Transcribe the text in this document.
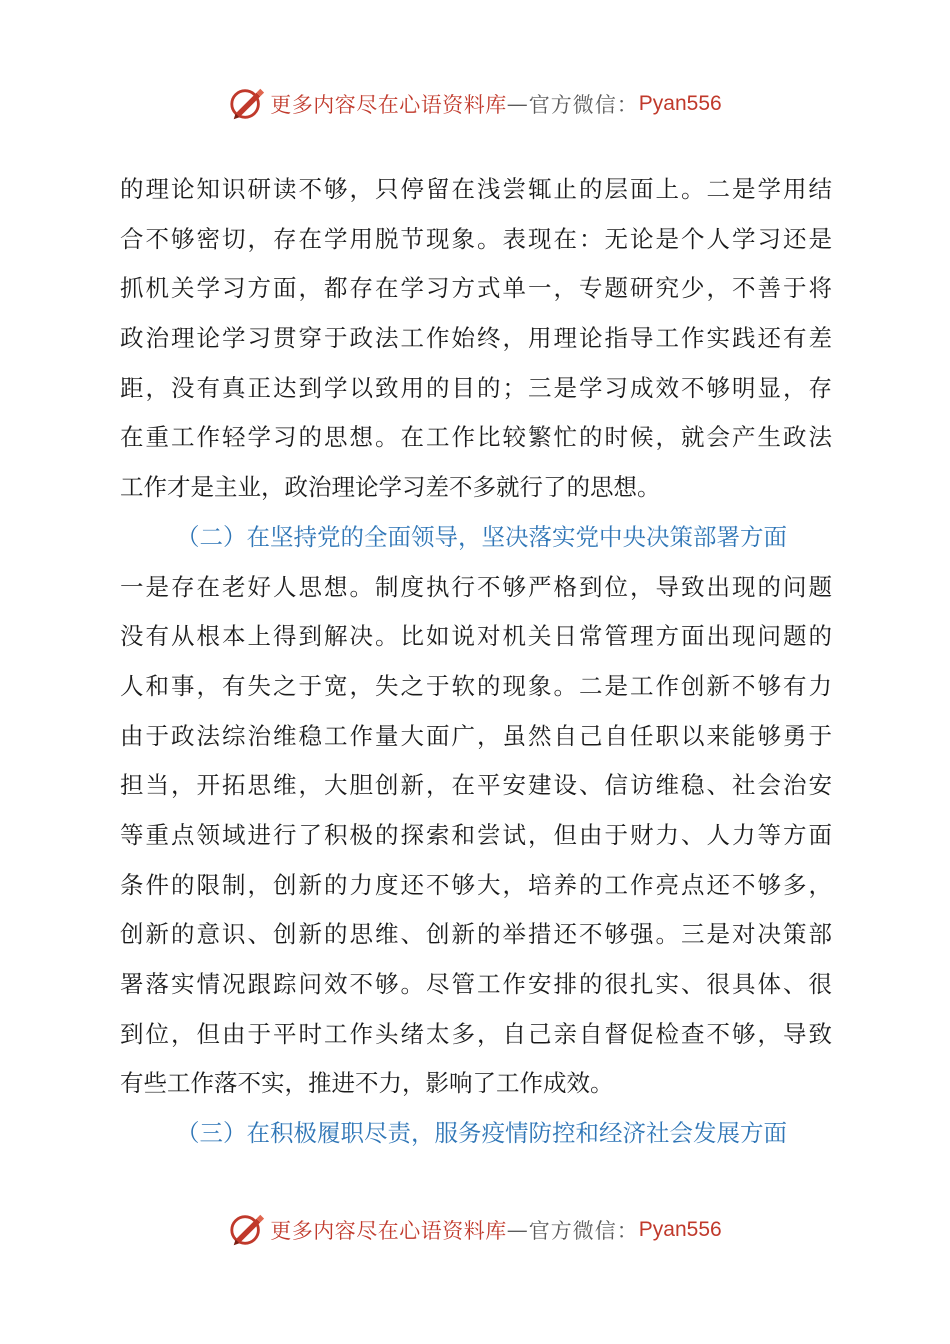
更多内容尽在心语资料库 — 官方微信： Pyan556
的理论知识研读不够，只停留在浅尝辄止的层面上。二是学用结
合不够密切，存在学用脱节现象。表现在：无论是个人学习还是
抓机关学习方面，都存在学习方式单一，专题研究少，不善于将
政治理论学习贯穿于政法工作始终，用理论指导工作实践还有差
距，没有真正达到学以致用的目的；三是学习成效不够明显，存
在重工作轻学习的思想。在工作比较繁忙的时候，就会产生政法
工作才是主业，政治理论学习差不多就行了的思想。
（二）在坚持党的全面领导，坚决落实党中央决策部署方面
一是存在老好人思想。制度执行不够严格到位，导致出现的问题
没有从根本上得到解决。比如说对机关日常管理方面出现问题的
人和事，有失之于宽，失之于软的现象。二是工作创新不够有力
由于政法综治维稳工作量大面广，虽然自己自任职以来能够勇于
担当，开拓思维，大胆创新，在平安建设、信访维稳、社会治安
等重点领域进行了积极的探索和尝试，但由于财力、人力等方面
条件的限制，创新的力度还不够大，培养的工作亮点还不够多，
创新的意识、创新的思维、创新的举措还不够强。三是对决策部
署落实情况跟踪问效不够。尽管工作安排的很扎实、很具体、很
到位，但由于平时工作头绪太多，自己亲自督促检查不够，导致
有些工作落不实，推进不力，影响了工作成效。
（三）在积极履职尽责，服务疫情防控和经济社会发展方面
更多内容尽在心语资料库 — 官方微信： Pyan556
